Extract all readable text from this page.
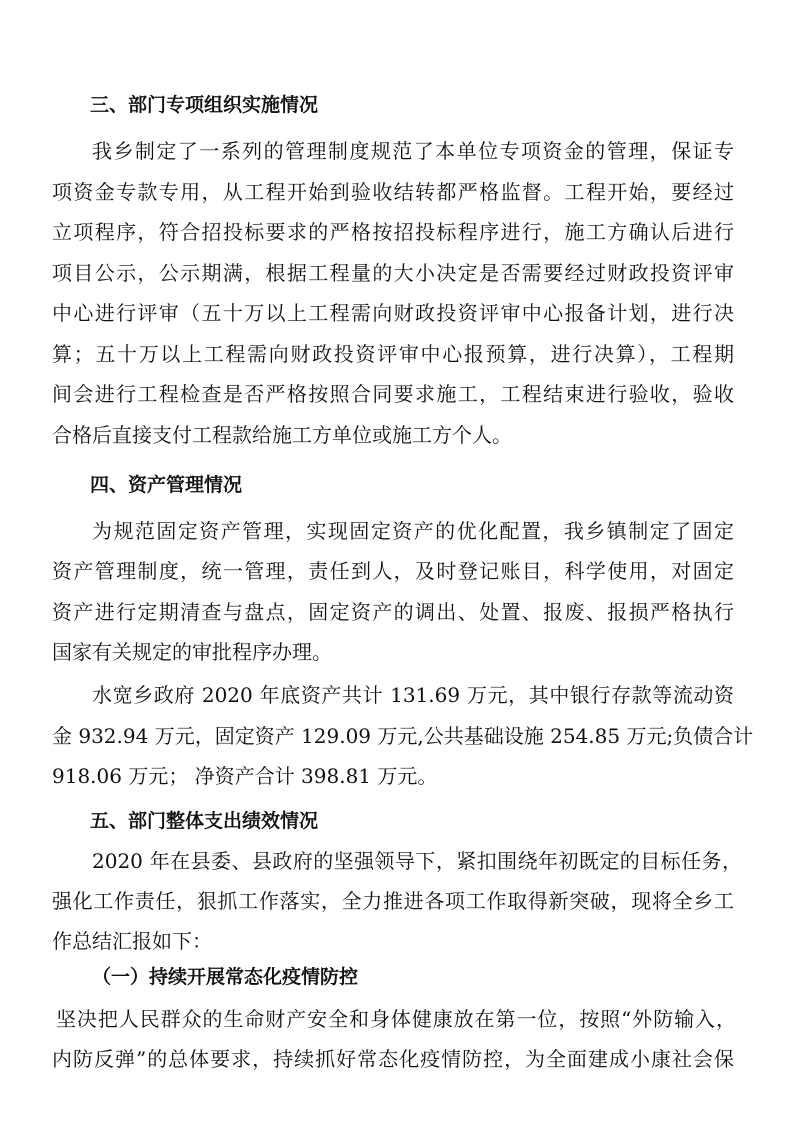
三、部门专项组织实施情况
我乡制定了一系列的管理制度规范了本单位专项资金的管理，保证专
项资金专款专用，从工程开始到验收结转都严格监督。工程开始，要经过
立项程序，符合招投标要求的严格按招投标程序进行，施工方确认后进行
项目公示，公示期满，根据工程量的大小决定是否需要经过财政投资评审
中心进行评审（五十万以上工程需向财政投资评审中心报备计划，进行决
算；五十万以上工程需向财政投资评审中心报预算，进行决算），工程期
间会进行工程检查是否严格按照合同要求施工，工程结束进行验收，验收
合格后直接支付工程款给施工方单位或施工方个人。
四、资产管理情况
为规范固定资产管理，实现固定资产的优化配置，我乡镇制定了固定
资产管理制度，统一管理，责任到人，及时登记账目，科学使用，对固定
资产进行定期清查与盘点，固定资产的调出、处置、报废、报损严格执行
国家有关规定的审批程序办理。
水宽乡政府 2020 年底资产共计 131.69 万元，其中银行存款等流动资
金 932.94 万元，固定资产 129.09 万元,公共基础设施 254.85 万元;负债合计
918.06 万元； 净资产合计 398.81 万元。
五、部门整体支出绩效情况
2020 年在县委、县政府的坚强领导下，紧扣围绕年初既定的目标任务，
强化工作责任，狠抓工作落实，全力推进各项工作取得新突破，现将全乡工
作总结汇报如下：
（一）持续开展常态化疫情防控
坚决把人民群众的生命财产安全和身体健康放在第一位，按照“外防输入，
内防反弹”的总体要求，持续抓好常态化疫情防控，为全面建成小康社会保
